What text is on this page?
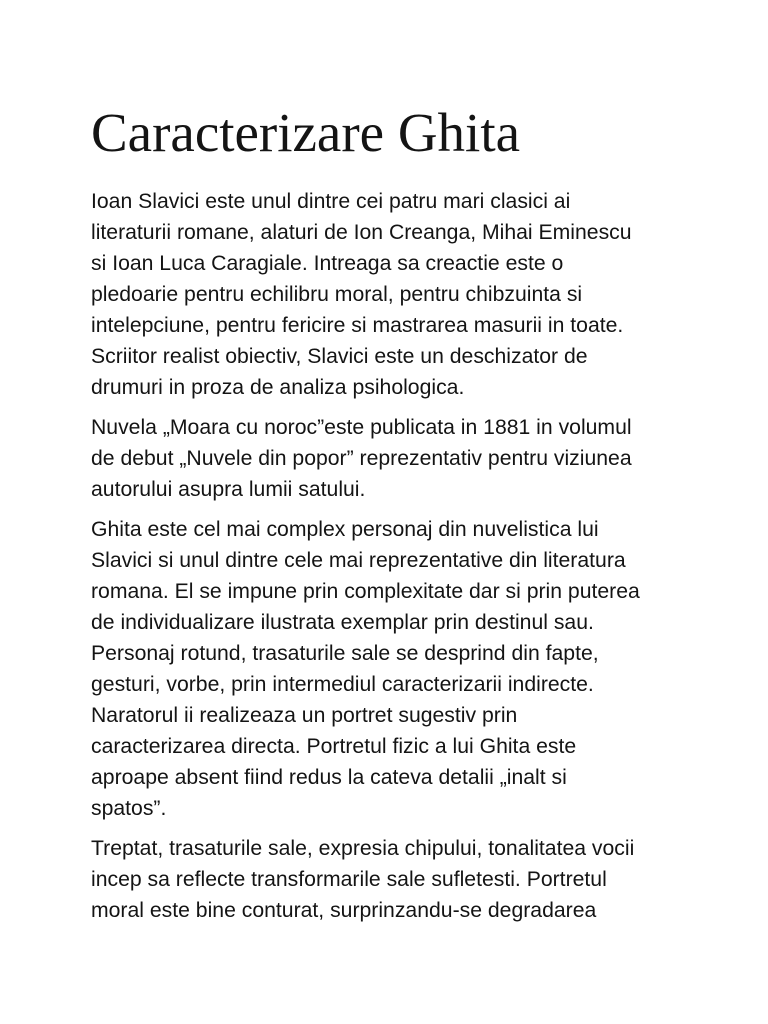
Caracterizare Ghita

Ioan Slavici este unul dintre cei patru mari clasici ai
literaturii romane, alaturi de Ion Creanga, Mihai Eminescu
si Ioan Luca Caragiale. Intreaga sa creactie este o
pledoarie pentru echilibru moral, pentru chibzuinta si
intelepciune, pentru fericire si mastrarea masurii in toate.
Scriitor realist obiectiv, Slavici este un deschizator de
drumuri in proza de analiza psihologica.

Nuvela „Moara cu noroc”este publicata in 1881 in volumul
de debut „Nuvele din popor” reprezentativ pentru viziunea
autorului asupra lumii satului.

Ghita este cel mai complex personaj din nuvelistica lui
Slavici si unul dintre cele mai reprezentative din literatura
romana. El se impune prin complexitate dar si prin puterea
de individualizare ilustrata exemplar prin destinul sau.
Personaj rotund, trasaturile sale se desprind din fapte,
gesturi, vorbe, prin intermediul caracterizarii indirecte.
Naratorul ii realizeaza un portret sugestiv prin
caracterizarea directa. Portretul fizic a lui Ghita este
aproape absent fiind redus la cateva detalii „inalt si
spatos”.

Treptat, trasaturile sale, expresia chipului, tonalitatea vocii
incep sa reflecte transformarile sale sufletesti. Portretul
moral este bine conturat, surprinzandu-se degradarea
